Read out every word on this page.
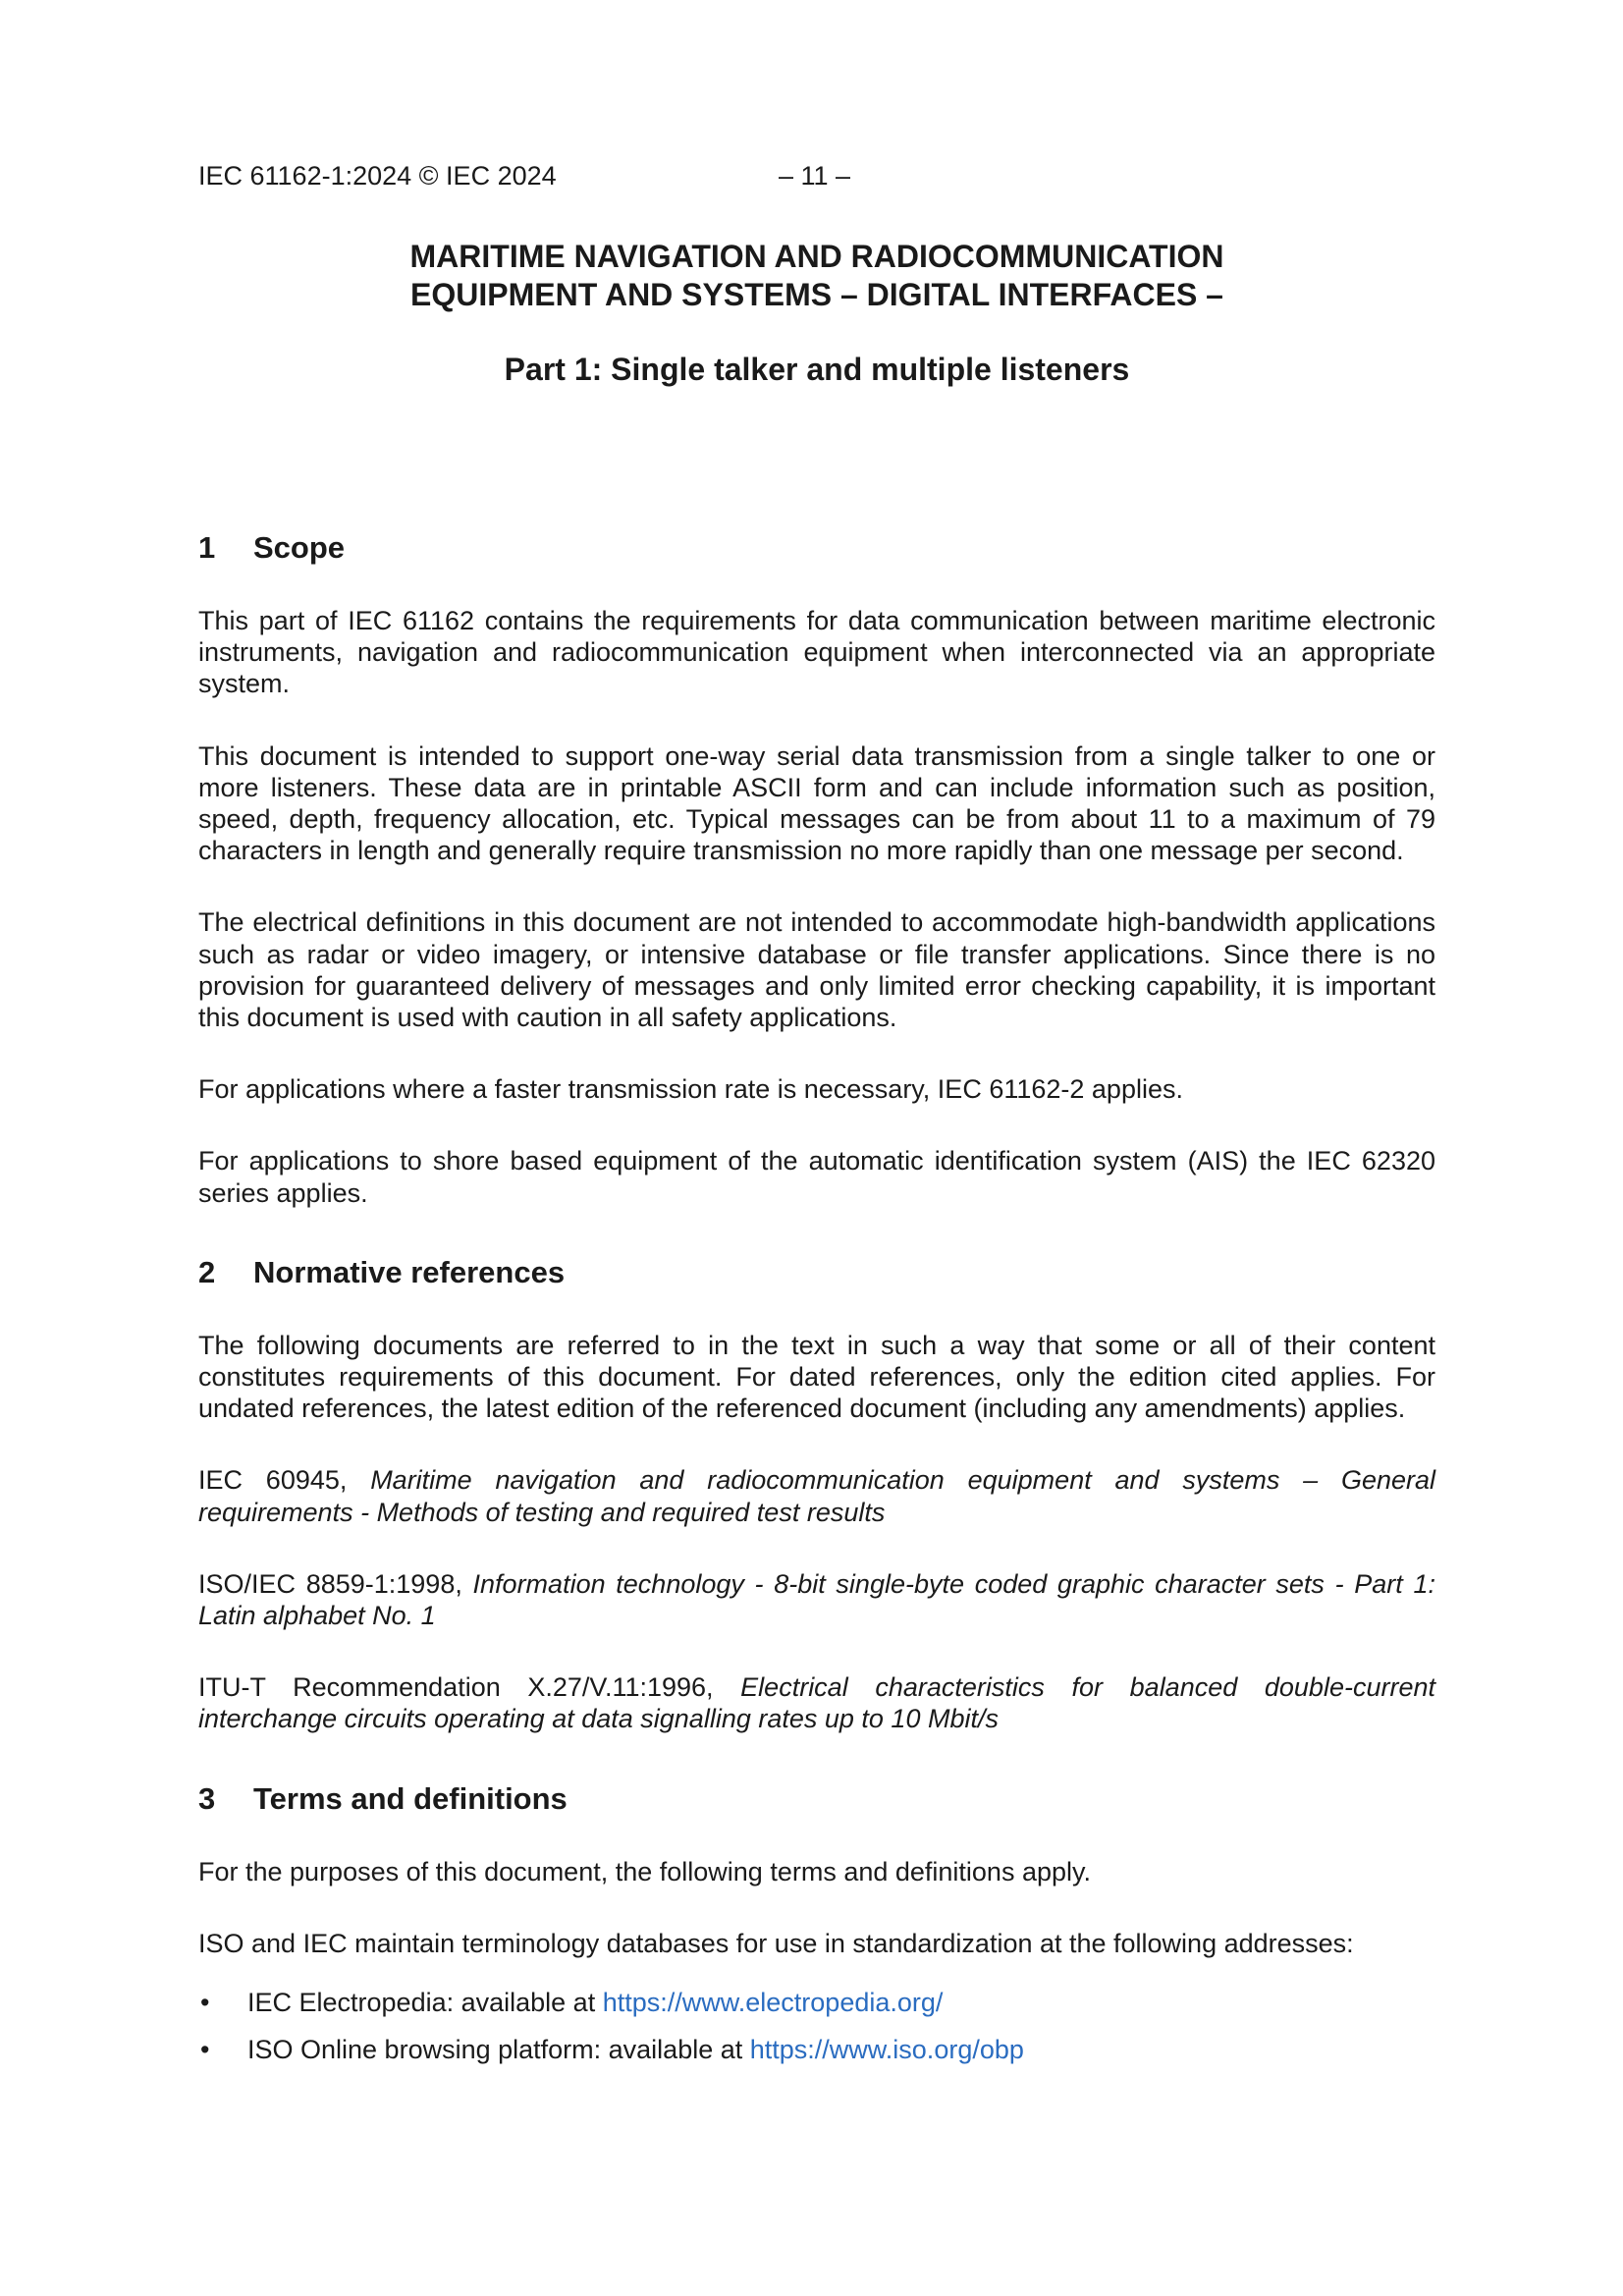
IEC 61162-1:2024 © IEC 2024	– 11 –
MARITIME NAVIGATION AND RADIOCOMMUNICATION
EQUIPMENT AND SYSTEMS – DIGITAL INTERFACES –
Part 1: Single talker and multiple listeners
1	Scope

This part of IEC 61162 contains the requirements for data communication between maritime electronic instruments, navigation and radiocommunication equipment when interconnected via an appropriate system.

This document is intended to support one-way serial data transmission from a single talker to one or more listeners. These data are in printable ASCII form and can include information such as position, speed, depth, frequency allocation, etc. Typical messages can be from about 11 to a maximum of 79 characters in length and generally require transmission no more rapidly than one message per second.

The electrical definitions in this document are not intended to accommodate high-bandwidth applications such as radar or video imagery, or intensive database or file transfer applications. Since there is no provision for guaranteed delivery of messages and only limited error checking capability, it is important this document is used with caution in all safety applications.

For applications where a faster transmission rate is necessary, IEC 61162-2 applies.

For applications to shore based equipment of the automatic identification system (AIS) the IEC 62320 series applies.

2	Normative references

The following documents are referred to in the text in such a way that some or all of their content constitutes requirements of this document. For dated references, only the edition cited applies. For undated references, the latest edition of the referenced document (including any amendments) applies.

IEC 60945, Maritime navigation and radiocommunication equipment and systems – General requirements - Methods of testing and required test results

ISO/IEC 8859-1:1998, Information technology - 8-bit single-byte coded graphic character sets - Part 1: Latin alphabet No. 1

ITU-T Recommendation X.27/V.11:1996, Electrical characteristics for balanced double-current interchange circuits operating at data signalling rates up to 10 Mbit/s

3	Terms and definitions

For the purposes of this document, the following terms and definitions apply.

ISO and IEC maintain terminology databases for use in standardization at the following addresses:

•	IEC Electropedia: available at https://www.electropedia.org/
•	ISO Online browsing platform: available at https://www.iso.org/obp
